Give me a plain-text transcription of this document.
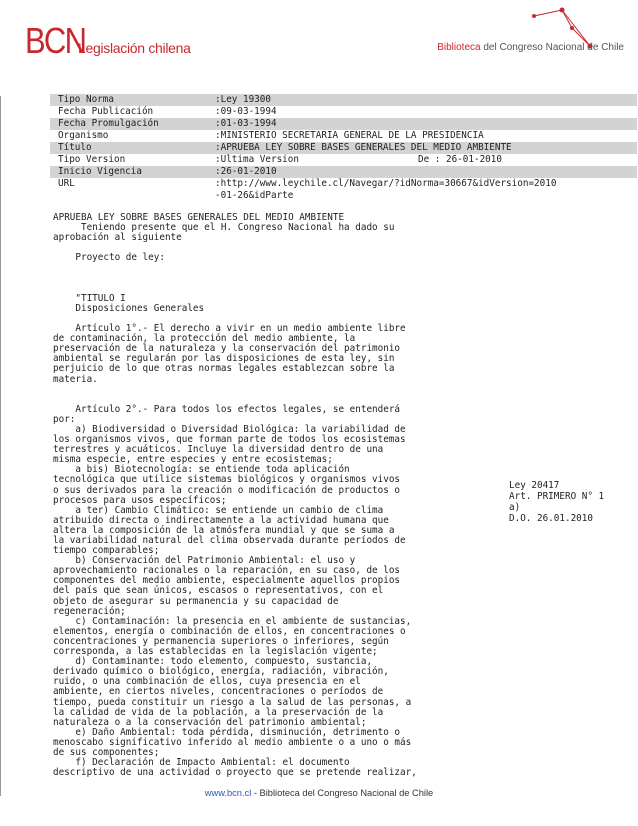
BCN
Legislación chilena	Biblioteca del Congreso Nacional de Chile
Tipo Norma	:Ley 19300
Fecha Publicación	:09-03-1994
Fecha Promulgación	:01-03-1994
Organismo	:MINISTERIO SECRETARIA GENERAL DE LA PRESIDENCIA
Título	:APRUEBA LEY SOBRE BASES GENERALES DEL MEDIO AMBIENTE
Tipo Version	:Ultima Version	De : 26-01-2010
Inicio Vigencia	:26-01-2010
URL	:http://www.leychile.cl/Navegar/?idNorma=30667&idVersion=2010
-01-26&idParte
APRUEBA LEY SOBRE BASES GENERALES DEL MEDIO AMBIENTE
Teniendo presente que el H. Congreso Nacional ha dado su
aprobación al siguiente

Proyecto de ley:

"TITULO I
Disposiciones Generales

Artículo 1°.- El derecho a vivir en un medio ambiente libre
de contaminación, la protección del medio ambiente, la
preservación de la naturaleza y la conservación del patrimonio
ambiental se regularán por las disposiciones de esta ley, sin
perjuicio de lo que otras normas legales establezcan sobre la
materia.

Artículo 2°.- Para todos los efectos legales, se entenderá
por:
a) Biodiversidad o Diversidad Biológica: la variabilidad de
los organismos vivos, que forman parte de todos los ecosistemas
terrestres y acuáticos. Incluye la diversidad dentro de una
misma especie, entre especies y entre ecosistemas;
a bis) Biotecnología: se entiende toda aplicación
tecnológica que utilice sistemas biológicos y organismos vivos
o sus derivados para la creación o modificación de productos o
procesos para usos específicos;
a ter) Cambio Climático: se entiende un cambio de clima
atribuido directa o indirectamente a la actividad humana que
altera la composición de la atmósfera mundial y que se suma a
la variabilidad natural del clima observada durante períodos de
tiempo comparables;
b) Conservación del Patrimonio Ambiental: el uso y
aprovechamiento racionales o la reparación, en su caso, de los
componentes del medio ambiente, especialmente aquellos propios
del país que sean únicos, escasos o representativos, con el
objeto de asegurar su permanencia y su capacidad de
regeneración;
c) Contaminación: la presencia en el ambiente de sustancias,
elementos, energía o combinación de ellos, en concentraciones o
concentraciones y permanencia superiores o inferiores, según
corresponda, a las establecidas en la legislación vigente;
d) Contaminante: todo elemento, compuesto, sustancia,
derivado químico o biológico, energía, radiación, vibración,
ruido, o una combinación de ellos, cuya presencia en el
ambiente, en ciertos niveles, concentraciones o períodos de
tiempo, pueda constituir un riesgo a la salud de las personas, a
la calidad de vida de la población, a la preservación de la
naturaleza o a la conservación del patrimonio ambiental;
e) Daño Ambiental: toda pérdida, disminución, detrimento o
menoscabo significativo inferido al medio ambiente o a uno o más
de sus componentes;
f) Declaración de Impacto Ambiental: el documento
descriptivo de una actividad o proyecto que se pretende realizar,
Ley 20417
Art. PRIMERO N° 1
a)
D.O. 26.01.2010
www.bcn.cl - Biblioteca del Congreso Nacional de Chile
